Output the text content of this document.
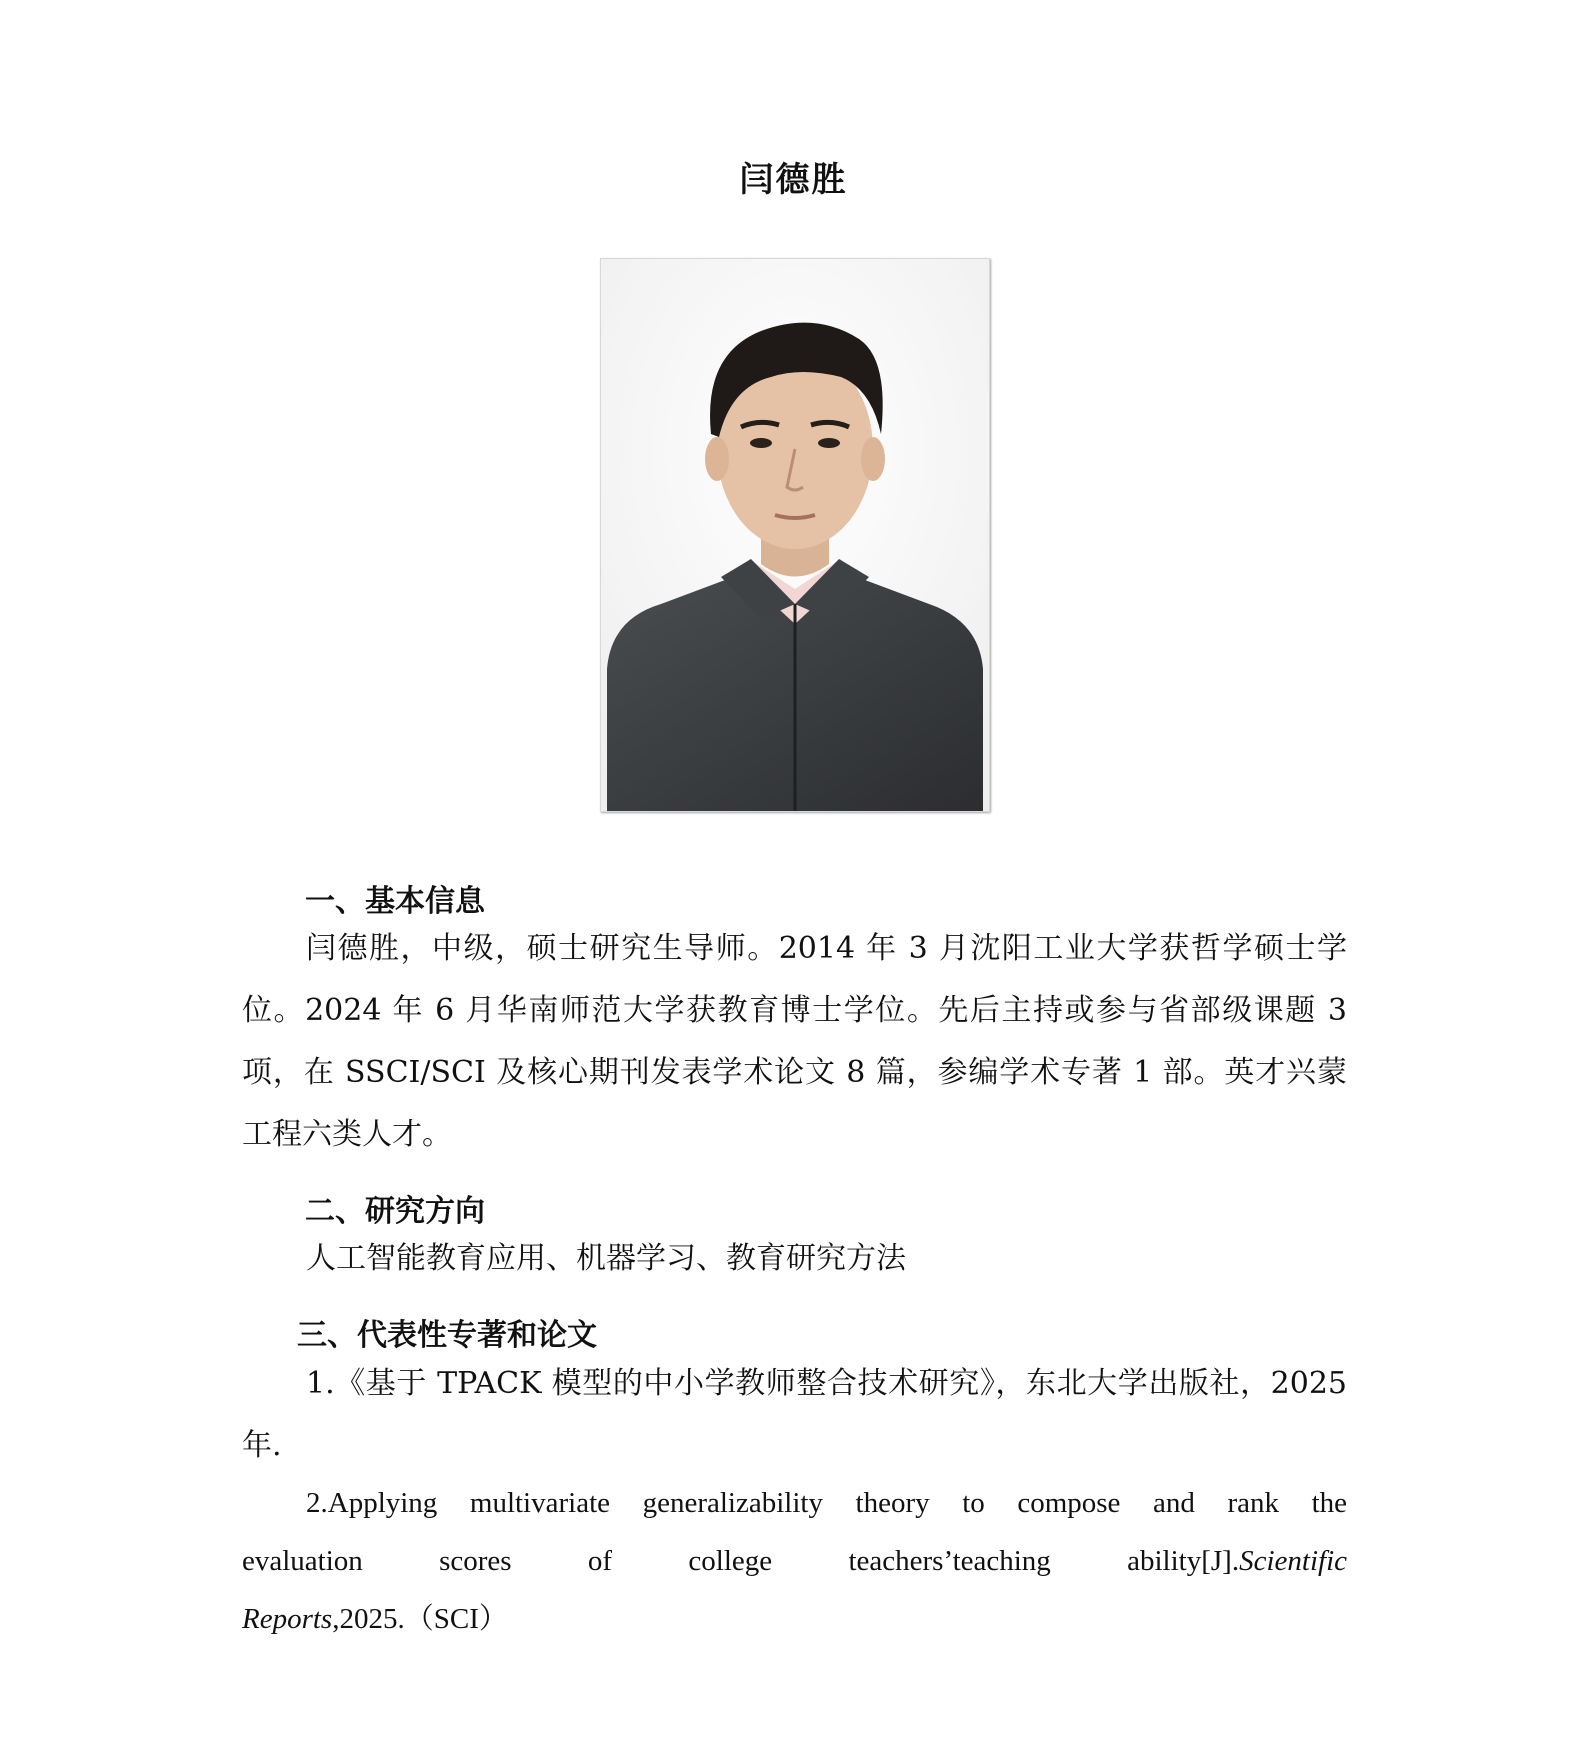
闫德胜
一、基本信息

闫德胜，中级，硕士研究生导师。2014 年 3 月沈阳工业大学获哲学硕士学位。2024 年 6 月华南师范大学获教育博士学位。先后主持或参与省部级课题 3 项，在 SSCI/SCI 及核心期刊发表学术论文 8 篇，参编学术专著 1 部。英才兴蒙工程六类人才。

二、研究方向

人工智能教育应用、机器学习、教育研究方法

三、代表性专著和论文

1.《基于 TPACK 模型的中小学教师整合技术研究》，东北大学出版社，2025 年.

2.Applying multivariate generalizability theory to compose and rank the evaluation scores of college teachers’teaching ability[J].Scientific Reports,2025.（SCI）
